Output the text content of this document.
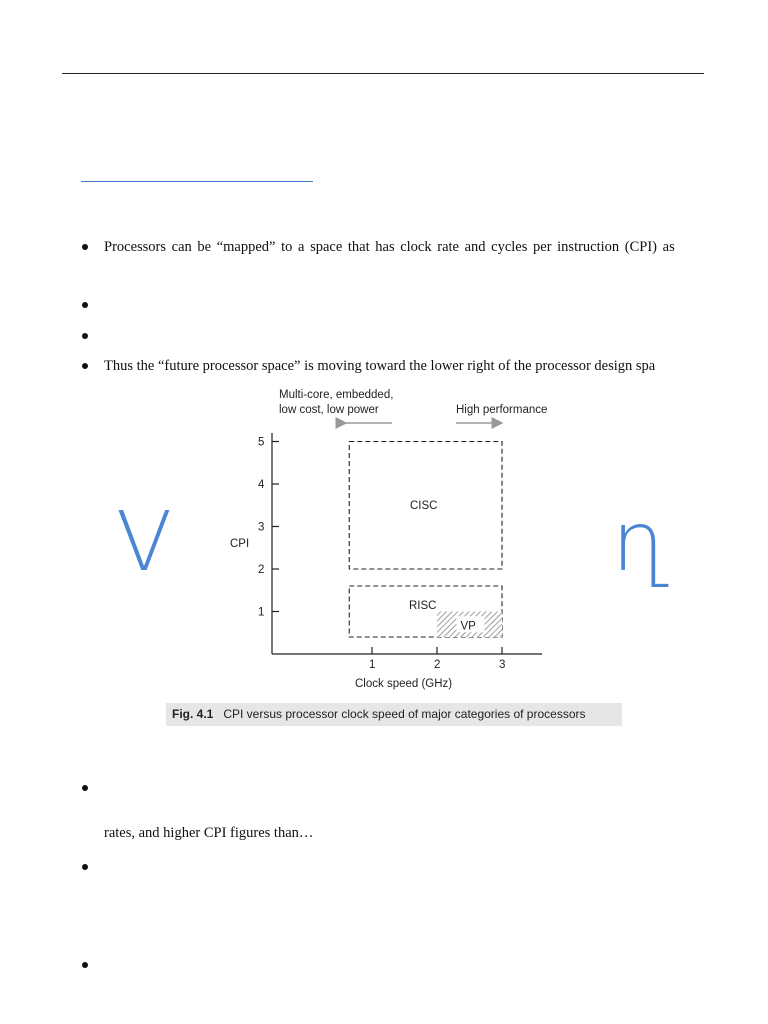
Processors can be “mapped” to a space that has clock rate and cycles per instruction (CPI) as
Thus the “future processor space” is moving toward the lower right of the processor design spa
V	ղ
Multi-core, embedded,
low cost, low power	High performance
1
2
3
4
5
1	2	3
CPI
Clock speed (GHz)
CISC
RISC
VP
Fig. 4.1 CPI versus processor clock speed of major categories of processors
rates, and higher CPI figures than…
